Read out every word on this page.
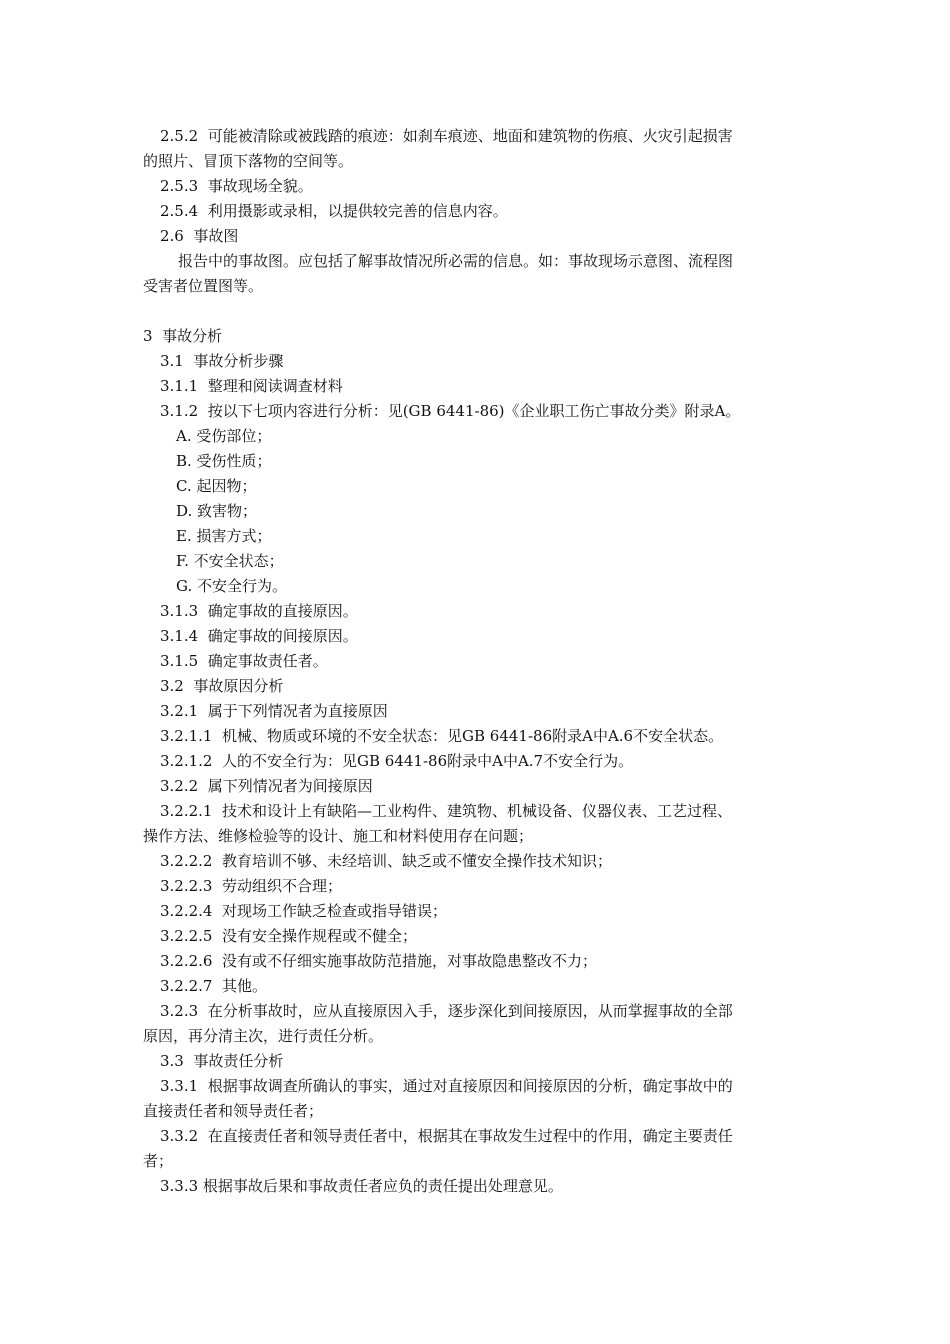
2.5.2  可能被清除或被践踏的痕迹：如刹车痕迹、地面和建筑物的伤痕、火灾引起损害
的照片、冒顶下落物的空间等。
2.5.3  事故现场全貌。
2.5.4  利用摄影或录相，以提供较完善的信息内容。
2.6  事故图
报告中的事故图。应包括了解事故情况所必需的信息。如：事故现场示意图、流程图
受害者位置图等。
3  事故分析
3.1  事故分析步骤
3.1.1  整理和阅读调查材料
3.1.2  按以下七项内容进行分析：见(GB 6441-86)《企业职工伤亡事故分类》附录A。
A. 受伤部位；
B. 受伤性质；
C. 起因物；
D. 致害物；
E. 损害方式；
F. 不安全状态；
G. 不安全行为。
3.1.3  确定事故的直接原因。
3.1.4  确定事故的间接原因。
3.1.5  确定事故责任者。
3.2  事故原因分析
3.2.1  属于下列情况者为直接原因
3.2.1.1  机械、物质或环境的不安全状态：见GB 6441-86附录A中A.6不安全状态。
3.2.1.2  人的不安全行为：见GB 6441-86附录中A中A.7不安全行为。
3.2.2  属下列情况者为间接原因
3.2.2.1  技术和设计上有缺陷—工业构件、建筑物、机械设备、仪器仪表、工艺过程、
操作方法、维修检验等的设计、施工和材料使用存在问题；
3.2.2.2  教育培训不够、未经培训、缺乏或不懂安全操作技术知识；
3.2.2.3  劳动组织不合理；
3.2.2.4  对现场工作缺乏检查或指导错误；
3.2.2.5  没有安全操作规程或不健全；
3.2.2.6  没有或不仔细实施事故防范措施，对事故隐患整改不力；
3.2.2.7  其他。
3.2.3  在分析事故时，应从直接原因入手，逐步深化到间接原因，从而掌握事故的全部
原因，再分清主次，进行责任分析。
3.3  事故责任分析
3.3.1  根据事故调查所确认的事实，通过对直接原因和间接原因的分析，确定事故中的
直接责任者和领导责任者；
3.3.2  在直接责任者和领导责任者中，根据其在事故发生过程中的作用，确定主要责任
者；
3.3.3 根据事故后果和事故责任者应负的责任提出处理意见。
